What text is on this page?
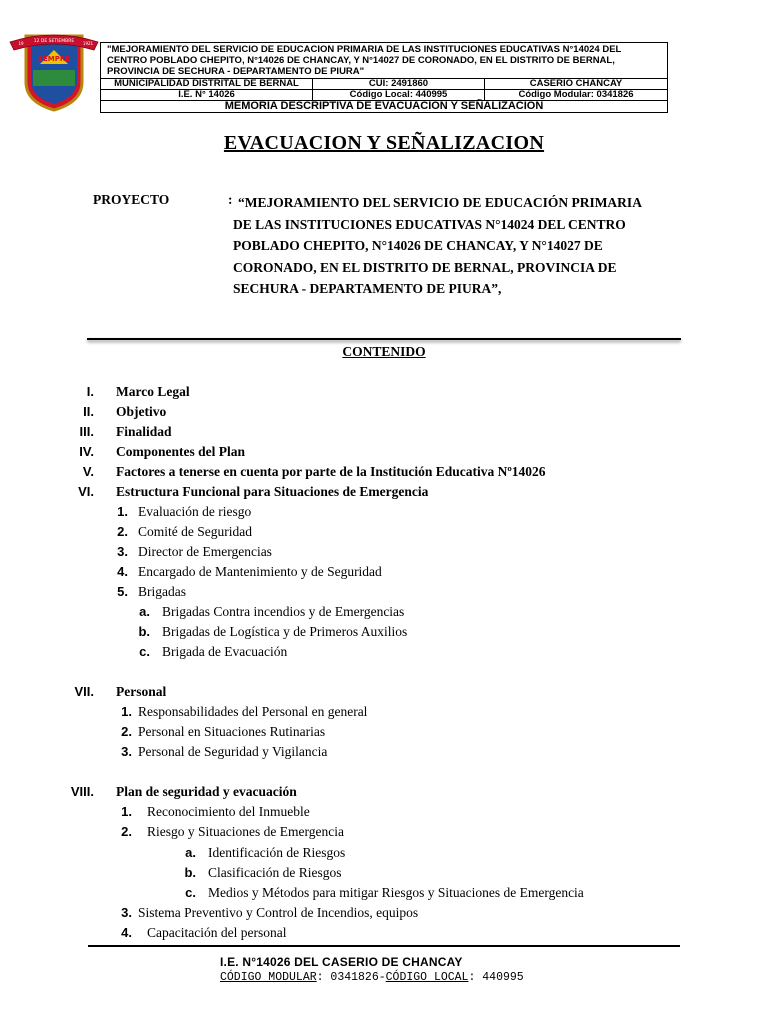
12 DE SETIEMBRE
19	1921
SEMPRE
"MEJORAMIENTO DEL SERVICIO DE EDUCACION PRIMARIA DE LAS INSTITUCIONES EDUCATIVAS N°14024 DEL CENTRO POBLADO CHEPITO, N°14026 DE CHANCAY, Y N°14027 DE CORONADO, EN EL DISTRITO DE BERNAL, PROVINCIA DE SECHURA - DEPARTAMENTO DE PIURA"		
MUNICIPALIDAD DISTRITAL DE BERNAL	CUI: 2491860	CASERIO CHANCAY
I.E. N° 14026	Código Local: 440995	Código Modular: 0341826
MEMORIA DESCRIPTIVA DE EVACUACION Y SEÑALIZACION		
EVACUACION Y SEÑALIZACION
PROYECTO	: “MEJORAMIENTO DEL SERVICIO DE EDUCACIÓN PRIMARIA
DE LAS INSTITUCIONES EDUCATIVAS N°14024 DEL CENTRO
POBLADO CHEPITO, N°14026 DE CHANCAY, Y N°14027 DE
CORONADO, EN EL DISTRITO DE BERNAL, PROVINCIA DE
SECHURA - DEPARTAMENTO DE PIURA”,
CONTENIDO
I. Marco Legal
II. Objetivo
III. Finalidad
IV. Componentes del Plan
V. Factores a tenerse en cuenta por parte de la Institución Educativa Nº14026
VI. Estructura Funcional para Situaciones de Emergencia
1. Evaluación de riesgo
2. Comité de Seguridad
3. Director de Emergencias
4. Encargado de Mantenimiento y de Seguridad
5. Brigadas
a. Brigadas Contra incendios y de Emergencias
b. Brigadas de Logística y de Primeros Auxilios
c. Brigada de Evacuación
VII. Personal
1. Responsabilidades del Personal en general
2. Personal en Situaciones Rutinarias
3. Personal de Seguridad y Vigilancia
VIII. Plan de seguridad y evacuación
1. Reconocimiento del Inmueble
2. Riesgo y Situaciones de Emergencia
a. Identificación de Riesgos
b. Clasificación de Riesgos
c. Medios y Métodos para mitigar Riesgos y Situaciones de Emergencia
3. Sistema Preventivo y Control de Incendios, equipos
4. Capacitación del personal
I.E. N°14026 DEL CASERIO DE CHANCAY
CÓDIGO MODULAR: 0341826-CÓDIGO LOCAL: 440995
